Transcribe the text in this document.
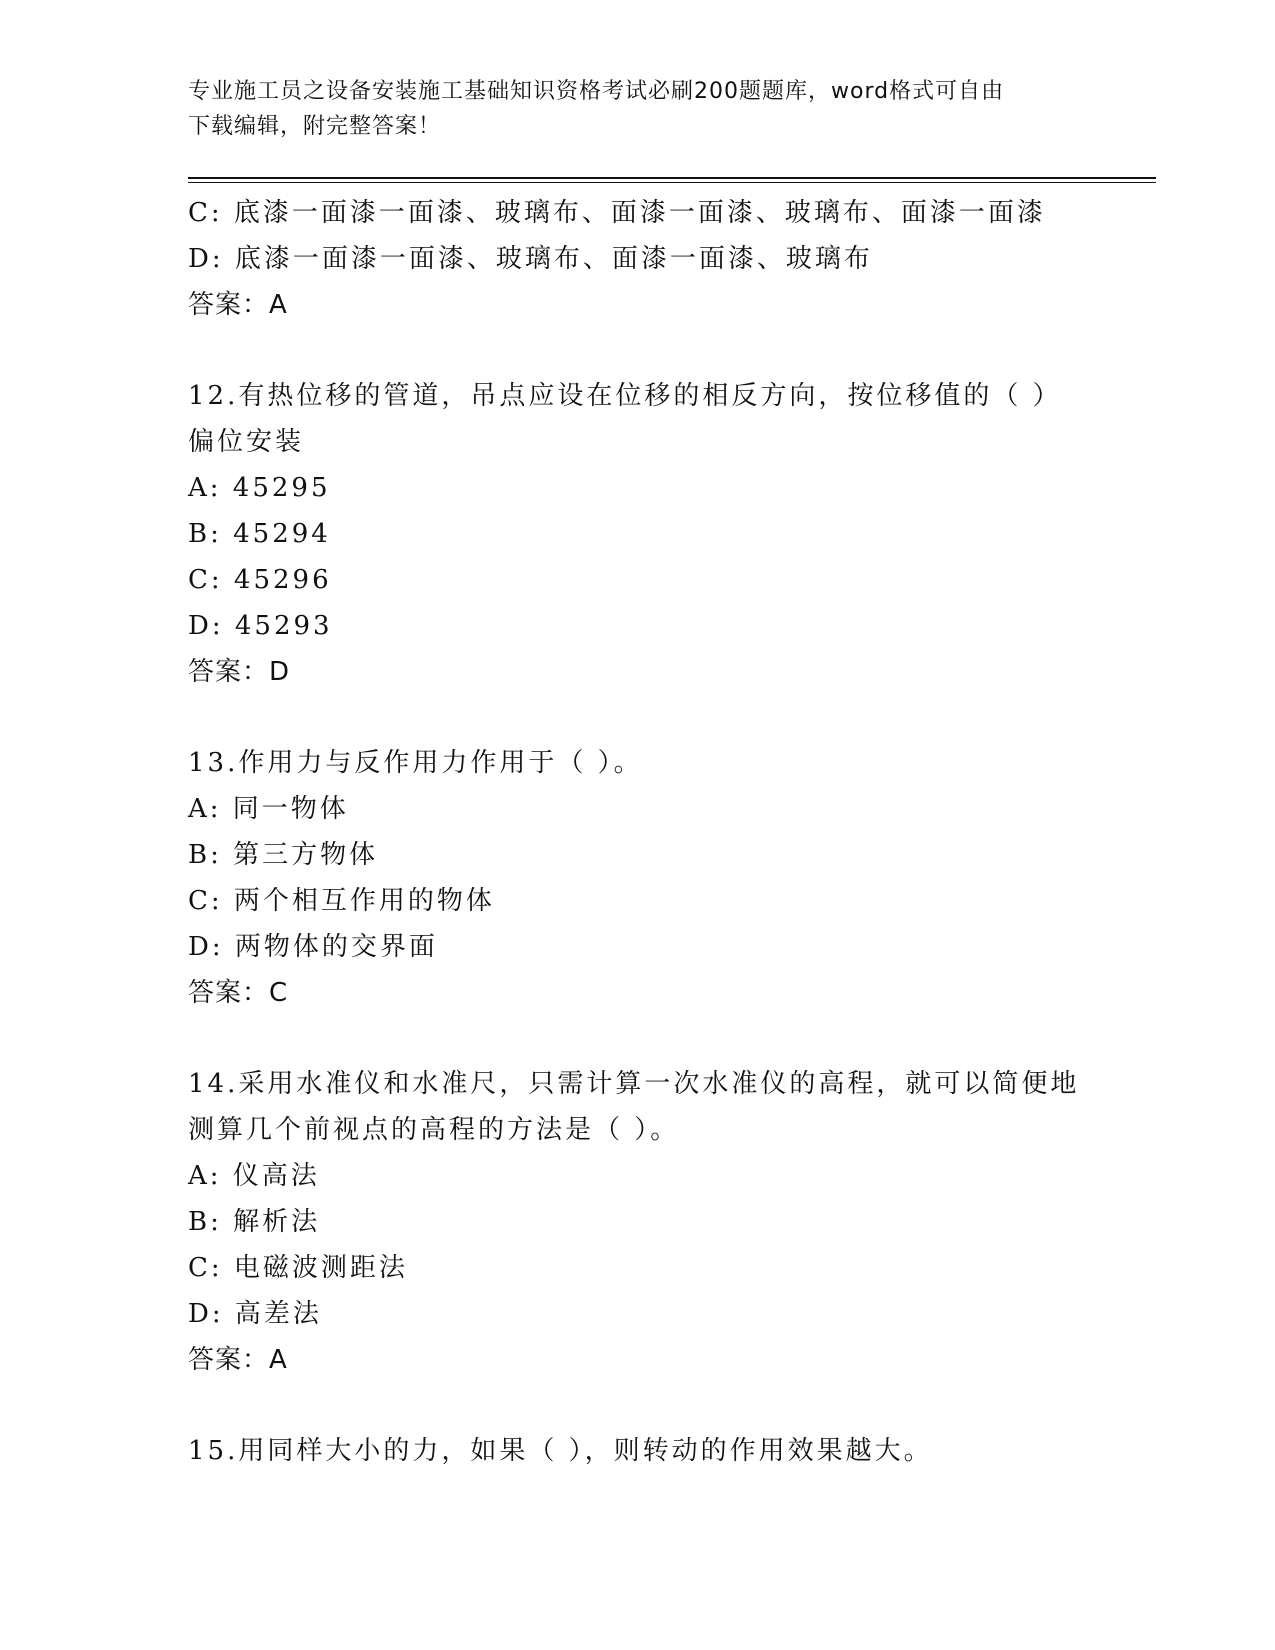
专业施工员之设备安装施工基础知识资格考试必刷200题题库，word格式可自由
下载编辑，附完整答案！
C: 底漆一面漆一面漆、玻璃布、面漆一面漆、玻璃布、面漆一面漆
D: 底漆一面漆一面漆、玻璃布、面漆一面漆、玻璃布
答案：A
12.有热位移的管道，吊点应设在位移的相反方向，按位移值的（ ）
偏位安装
A: 45295
B: 45294
C: 45296
D: 45293
答案：D
13.作用力与反作用力作用于（ ）。
A: 同一物体
B: 第三方物体
C: 两个相互作用的物体
D: 两物体的交界面
答案：C
14.采用水准仪和水准尺，只需计算一次水准仪的高程，就可以简便地
测算几个前视点的高程的方法是（ ）。
A: 仪高法
B: 解析法
C: 电磁波测距法
D: 高差法
答案：A
15.用同样大小的力，如果（ ），则转动的作用效果越大。
